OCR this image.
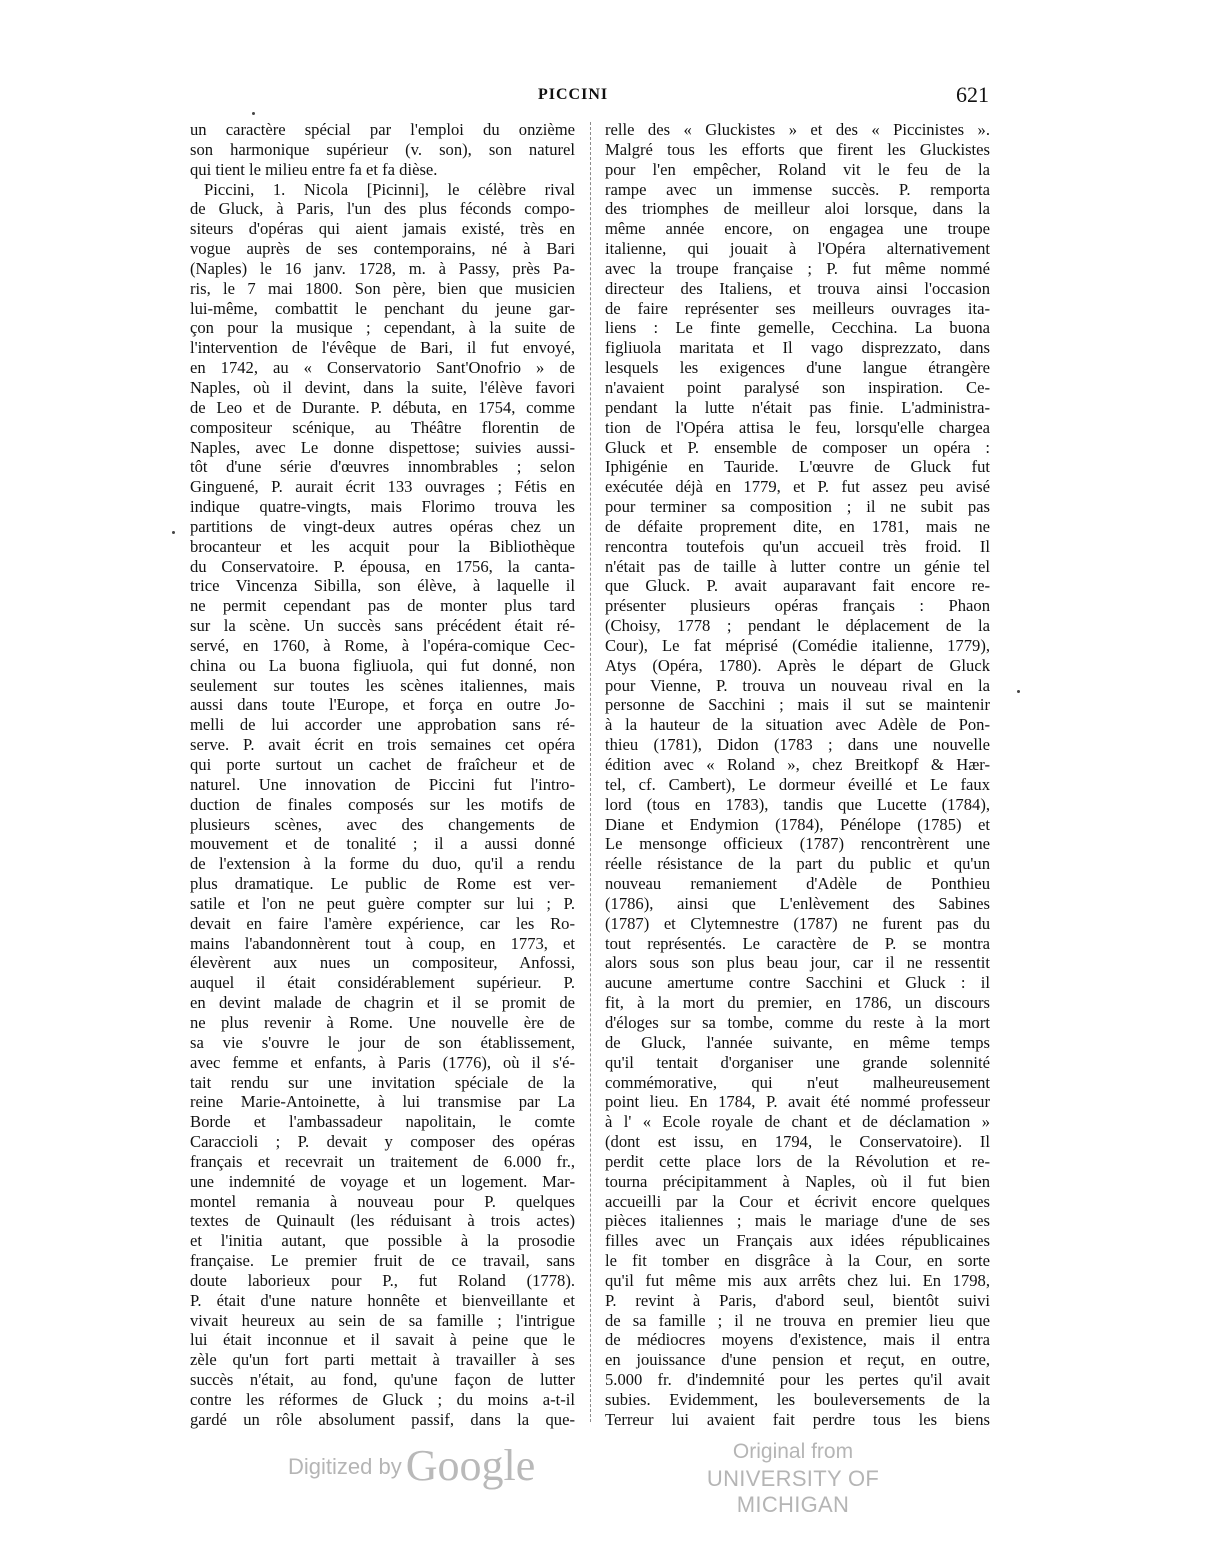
PICCINI	621
un caractère spécial par l'emploi du onzième
son harmonique supérieur (v. son), son naturel
qui tient le milieu entre fa et fa dièse.
Piccini, 1. Nicola [Picinni], le célèbre rival
de Gluck, à Paris, l'un des plus féconds compo-
siteurs d'opéras qui aient jamais existé, très en
vogue auprès de ses contemporains, né à Bari
(Naples) le 16 janv. 1728, m. à Passy, près Pa-
ris, le 7 mai 1800. Son père, bien que musicien
lui-même, combattit le penchant du jeune gar-
çon pour la musique ; cependant, à la suite de
l'intervention de l'évêque de Bari, il fut envoyé,
en 1742, au « Conservatorio Sant'Onofrio » de
Naples, où il devint, dans la suite, l'élève favori
de Leo et de Durante. P. débuta, en 1754, comme
compositeur scénique, au Théâtre florentin de
Naples, avec Le donne dispettose; suivies aussi-
tôt d'une série d'œuvres innombrables ; selon
Ginguené, P. aurait écrit 133 ouvrages ; Fétis en
indique quatre-vingts, mais Florimo trouva les
partitions de vingt-deux autres opéras chez un
brocanteur et les acquit pour la Bibliothèque
du Conservatoire. P. épousa, en 1756, la canta-
trice Vincenza Sibilla, son élève, à laquelle il
ne permit cependant pas de monter plus tard
sur la scène. Un succès sans précédent était ré-
servé, en 1760, à Rome, à l'opéra-comique Cec-
china ou La buona figliuola, qui fut donné, non
seulement sur toutes les scènes italiennes, mais
aussi dans toute l'Europe, et força en outre Jo-
melli de lui accorder une approbation sans ré-
serve. P. avait écrit en trois semaines cet opéra
qui porte surtout un cachet de fraîcheur et de
naturel. Une innovation de Piccini fut l'intro-
duction de finales composés sur les motifs de
plusieurs scènes, avec des changements de
mouvement et de tonalité ; il a aussi donné
de l'extension à la forme du duo, qu'il a rendu
plus dramatique. Le public de Rome est ver-
satile et l'on ne peut guère compter sur lui ; P.
devait en faire l'amère expérience, car les Ro-
mains l'abandonnèrent tout à coup, en 1773, et
élevèrent aux nues un compositeur, Anfossi,
auquel il était considérablement supérieur. P.
en devint malade de chagrin et il se promit de
ne plus revenir à Rome. Une nouvelle ère de
sa vie s'ouvre le jour de son établissement,
avec femme et enfants, à Paris (1776), où il s'é-
tait rendu sur une invitation spéciale de la
reine Marie-Antoinette, à lui transmise par La
Borde et l'ambassadeur napolitain, le comte
Caraccioli ; P. devait y composer des opéras
français et recevrait un traitement de 6.000 fr.,
une indemnité de voyage et un logement. Mar-
montel remania à nouveau pour P. quelques
textes de Quinault (les réduisant à trois actes)
et l'initia autant, que possible à la prosodie
française. Le premier fruit de ce travail, sans
doute laborieux pour P., fut Roland (1778).
P. était d'une nature honnête et bienveillante et
vivait heureux au sein de sa famille ; l'intrigue
lui était inconnue et il savait à peine que le
zèle qu'un fort parti mettait à travailler à ses
succès n'était, au fond, qu'une façon de lutter
contre les réformes de Gluck ; du moins a-t-il
gardé un rôle absolument passif, dans la que-
relle des « Gluckistes » et des « Piccinistes ».
Malgré tous les efforts que firent les Gluckistes
pour l'en empêcher, Roland vit le feu de la
rampe avec un immense succès. P. remporta
des triomphes de meilleur aloi lorsque, dans la
même année encore, on engagea une troupe
italienne, qui jouait à l'Opéra alternativement
avec la troupe française ; P. fut même nommé
directeur des Italiens, et trouva ainsi l'occasion
de faire représenter ses meilleurs ouvrages ita-
liens : Le finte gemelle, Cecchina. La buona
figliuola maritata et Il vago disprezzato, dans
lesquels les exigences d'une langue étrangère
n'avaient point paralysé son inspiration. Ce-
pendant la lutte n'était pas finie. L'administra-
tion de l'Opéra attisa le feu, lorsqu'elle chargea
Gluck et P. ensemble de composer un opéra :
Iphigénie en Tauride. L'œuvre de Gluck fut
exécutée déjà en 1779, et P. fut assez peu avisé
pour terminer sa composition ; il ne subit pas
de défaite proprement dite, en 1781, mais ne
rencontra toutefois qu'un accueil très froid. Il
n'était pas de taille à lutter contre un génie tel
que Gluck. P. avait auparavant fait encore re-
présenter plusieurs opéras français : Phaon
(Choisy, 1778 ; pendant le déplacement de la
Cour), Le fat méprisé (Comédie italienne, 1779),
Atys (Opéra, 1780). Après le départ de Gluck
pour Vienne, P. trouva un nouveau rival en la
personne de Sacchini ; mais il sut se maintenir
à la hauteur de la situation avec Adèle de Pon-
thieu (1781), Didon (1783 ; dans une nouvelle
édition avec « Roland », chez Breitkopf & Hær-
tel, cf. Cambert), Le dormeur éveillé et Le faux
lord (tous en 1783), tandis que Lucette (1784),
Diane et Endymion (1784), Pénélope (1785) et
Le mensonge officieux (1787) rencontrèrent une
réelle résistance de la part du public et qu'un
nouveau remaniement d'Adèle de Ponthieu
(1786), ainsi que L'enlèvement des Sabines
(1787) et Clytemnestre (1787) ne furent pas du
tout représentés. Le caractère de P. se montra
alors sous son plus beau jour, car il ne ressentit
aucune amertume contre Sacchini et Gluck : il
fit, à la mort du premier, en 1786, un discours
d'éloges sur sa tombe, comme du reste à la mort
de Gluck, l'année suivante, en même temps
qu'il tentait d'organiser une grande solennité
commémorative, qui n'eut malheureusement
point lieu. En 1784, P. avait été nommé professeur
à l' « Ecole royale de chant et de déclamation »
(dont est issu, en 1794, le Conservatoire). Il
perdit cette place lors de la Révolution et re-
tourna précipitamment à Naples, où il fut bien
accueilli par la Cour et écrivit encore quelques
pièces italiennes ; mais le mariage d'une de ses
filles avec un Français aux idées républicaines
le fit tomber en disgrâce à la Cour, en sorte
qu'il fut même mis aux arrêts chez lui. En 1798,
P. revint à Paris, d'abord seul, bientôt suivi
de sa famille ; il ne trouva en premier lieu que
de médiocres moyens d'existence, mais il entra
en jouissance d'une pension et reçut, en outre,
5.000 fr. d'indemnité pour les pertes qu'il avait
subies. Evidemment, les bouleversements de la
Terreur lui avaient fait perdre tous les biens
Digitized byGoogle	Original from
UNIVERSITY OF MICHIGAN
